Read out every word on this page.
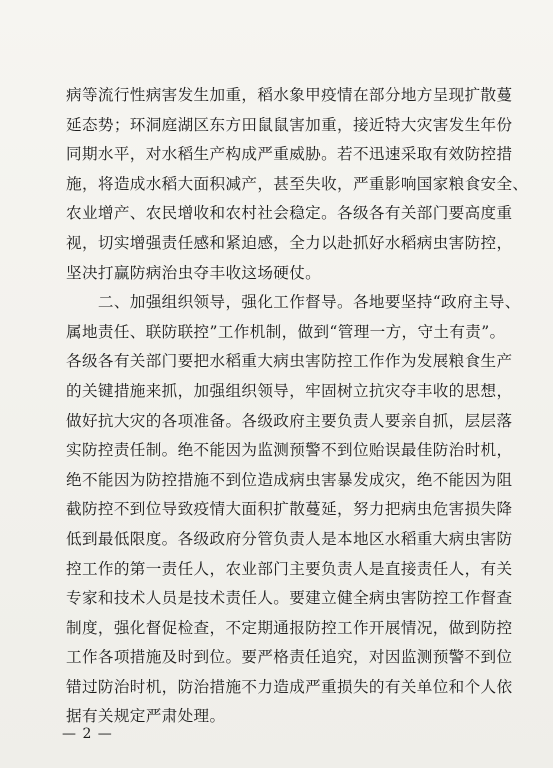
病等流行性病害发生加重，稻水象甲疫情在部分地方呈现扩散蔓
延态势；环洞庭湖区东方田鼠鼠害加重，接近特大灾害发生年份
同期水平，对水稻生产构成严重威胁。若不迅速采取有效防控措
施，将造成水稻大面积减产，甚至失收，严重影响国家粮食安全、
农业增产、农民增收和农村社会稳定。各级各有关部门要高度重
视，切实增强责任感和紧迫感，全力以赴抓好水稻病虫害防控，
坚决打赢防病治虫夺丰收这场硬仗。
　　二、加强组织领导，强化工作督导。各地要坚持“政府主导、
属地责任、联防联控”工作机制，做到“管理一方，守土有责”。
各级各有关部门要把水稻重大病虫害防控工作作为发展粮食生产
的关键措施来抓，加强组织领导，牢固树立抗灾夺丰收的思想，
做好抗大灾的各项准备。各级政府主要负责人要亲自抓，层层落
实防控责任制。绝不能因为监测预警不到位贻误最佳防治时机，
绝不能因为防控措施不到位造成病虫害暴发成灾，绝不能因为阻
截防控不到位导致疫情大面积扩散蔓延，努力把病虫危害损失降
低到最低限度。各级政府分管负责人是本地区水稻重大病虫害防
控工作的第一责任人，农业部门主要负责人是直接责任人，有关
专家和技术人员是技术责任人。要建立健全病虫害防控工作督查
制度，强化督促检查，不定期通报防控工作开展情况，做到防控
工作各项措施及时到位。要严格责任追究，对因监测预警不到位
错过防治时机，防治措施不力造成严重损失的有关单位和个人依
据有关规定严肃处理。
— 2 —
